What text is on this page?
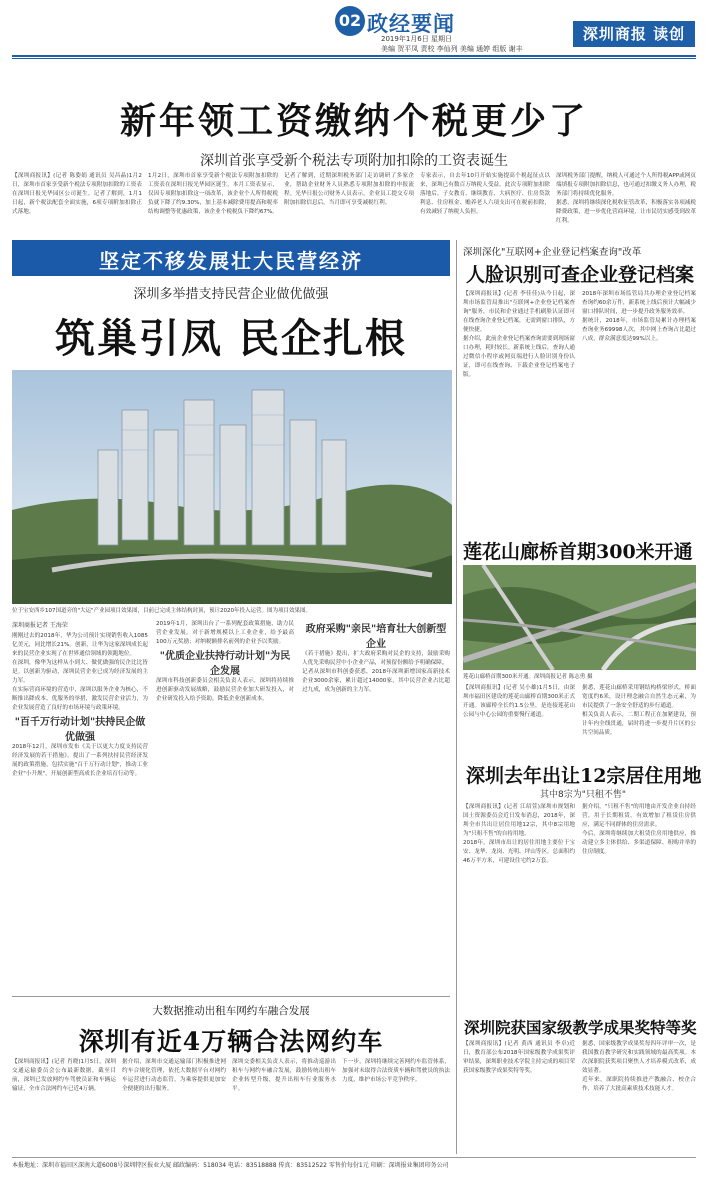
02 政经要闻
2019年1月6日 星期日
美编 贺平凤 责校 李仙列 美编 通婷 组版 谢丰
深圳商报 读创
新年领工资缴纳个税更少了
深圳首张享受新个税法专项附加扣除的工资表诞生
【深圳商报讯】(记者 陈姿娟 通讯员 吴昌晶)1月2日，深圳市首家享受新个税法专项附加扣除的工资表在深圳日报光华园区公司诞生。记者了解到，1月1日起，新个税法配套全面实施，6项专项附加扣除正式落地。
1月2日，深圳市首家享受新个税法专项附加扣除的工资表在深圳日报光华园区诞生，本月工资表显示，仅因专项附加扣除这一项改革，该企业个人所得税税负就下降了约9.30%，加上基本减除费用提高和税率结构调整等优惠政策，该企业个税税负下降约67%。
记者了解到，近期深圳税务部门走访调研了多家企业，帮助企业财务人员熟悉专项附加扣除的申报流程。光华日报公司财务人员表示，企业员工提交专项附加扣除信息后，当月即可享受减税红利。
专家表示，自去年10月开始实施提高个税起征点以来，深圳已有数百万纳税人受益。此次专项附加扣除落地后，子女教育、继续教育、大病医疗、住房贷款利息、住房租金、赡养老人六项支出可在税前扣除，有效减轻了纳税人负担。
深圳税务部门提醒，纳税人可通过个人所得税APP或网页端填报专项附加扣除信息，也可通过扣缴义务人办理，税务部门将持续优化服务。
据悉，深圳将继续深化税收征管改革，积极落实各项减税降费政策，进一步优化营商环境，让市民切实感受到改革红利。
坚定不移发展壮大民营经济
深圳多举措支持民营企业做优做强
筑巢引凤 民企扎根
位于宝安西乡107国道旁的"大运"产业园项目效果图，目前已完成主体结构封顶，预计2020年投入运营。图为项目效果图。
深圳商报记者 王海荣
刚刚过去的2018年，华为公司预计实现销售收入1085亿美元，同比增长21%。创新，让华为这家深圳成长起来的民营企业实现了在世界通信领域的领跑地位。
在深圳，像华为这样从小到大、做优做强的民企比比皆是。以创新为驱动，深圳民营企业已成为经济发展的主力军。
在实际营商环境的营造中，深圳以服务企业为核心，不断推出降成本、优服务的举措，激发民营企业活力，为企业发展营造了良好的市场环境与政策环境。
"百千万行动计划"扶持民企做优做强
2018年12月，深圳市发布《关于以更大力度支持民营经济发展的若干措施》，提出了一系列扶持民营经济发展的政策措施，包括实施"百千万行动计划"，推动工业企业"小升规"，开展创新型高成长企业培育行动等。
2019年1月，深圳出台了一系列配套政策措施，助力民营企业发展。对于新增规模以上工业企业，给予最高100万元奖励；对纳税额排名前列的企业予以奖励。
"优质企业扶持行动计划"为民企发展
深圳市科技创新委员会相关负责人表示，深圳将持续推进创新驱动发展战略，鼓励民营企业加大研发投入，对企业研发投入给予资助，降低企业创新成本。
政府采购"亲民"培育壮大创新型企业
《若干措施》提出，扩大政府采购对民企的支持，鼓励采购人优先采购民营中小企业产品，对预留份额给予明确保障。
记者从深圳市科创委获悉，2018年深圳新增国家高新技术企业3000余家，累计超过14000家，其中民营企业占比超过九成，成为创新的主力军。
大数据推动出租车网约车融合发展
深圳有近4万辆合法网约车
【深圳商报讯】(记者 肖晓)1月5日，深圳交通运输委员会公布最新数据，截至目前，深圳已发放网约车驾驶员证和车辆运输证，全市合法网约车已近4万辆。
据介绍，深圳市交通运输部门积极推进网约车合规化管理，依托大数据平台对网约车运营进行动态监管，为乘客提供更加安全便捷的出行服务。
深圳交委相关负责人表示，将推动巡游出租车与网约车融合发展，鼓励传统出租车企业转型升级，提升出租车行业服务水平。
下一步，深圳将继续完善网约车监管体系，加强对未取得合法资质车辆和驾驶员的执法力度，维护市场公平竞争秩序。
深圳深化"互联网+企业登记档案查询"改革
人脸识别可查企业登记档案
【深圳商报讯】(记者 李佳佳)从今日起，深圳市场监管局推出"互联网+企业登记档案查询"服务，市民和企业通过手机刷脸认证即可在线查询企业登记档案，无需到窗口排队，方便快捷。
据介绍，此前企业登记档案查询需要到现场窗口办理，耗时较长。新系统上线后，查询人通过微信小程序或网页端进行人脸识别身份认证，即可在线查询、下载企业登记档案电子版。
2018年深圳市场监管局共办理企业登记档案查询约60余万件，新系统上线后预计大幅减少窗口排队时间，进一步提升政务服务效率。
据统计，2018年，市场监管局累计办理档案查询业务69998人次，其中网上查询占比超过八成，群众满意度达99%以上。
莲花山廊桥首期300米开通
莲花山廊桥首期300米开通。深圳商报记者 陈志勇 摄
【深圳商报讯】(记者 吴小雄)1月5日，由深圳市福田区建设的莲花山廊桥首期300米正式开通。该廊桥全长约1.5公里，是连接莲花山公园与中心公园的重要慢行通道。
据悉，莲花山廊桥采用钢结构桥梁形式，桥面宽度约6米，设计理念融合自然生态元素，为市民提供了一条安全舒适的步行通道。
相关负责人表示，二期工程正在加紧建设，预计年内全线贯通，届时将进一步提升片区的公共空间品质。
深圳去年出让12宗居住用地
其中8宗为"只租不售"
【深圳商报讯】(记者 江绍萱)深圳市规划和国土资源委员会近日发布消息，2018年，深圳全市共出让居住用地12宗，其中8宗用地为"只租不售"的自持用地。
2018年，深圳市出让的居住用地主要位于宝安、龙华、龙岗、光明、坪山等区，总面积约46万平方米，可建设住宅约2万套。
据介绍，"只租不售"的用地由开发企业自持经营，用于长期租赁，有效增加了租赁住房供应，满足不同群体的住房需求。
今后，深圳将继续加大租赁住房用地供应，推动建立多主体供给、多渠道保障、租购并举的住房制度。
深圳院获国家级教学成果奖特等奖
【深圳商报讯】(记者 黄西 通讯员 李卓)近日，教育部公布2018年国家级教学成果奖评审结果，深圳职业技术学院主持完成的项目荣获国家级教学成果奖特等奖。
据悉，国家级教学成果奖每四年评审一次，是我国教育教学研究和实践领域的最高奖项。本次深职院获奖项目聚焦人才培养模式改革，成效显著。
近年来，深职院持续推进产教融合、校企合作，培养了大批高素质技术技能人才。
本报地址：深圳市福田区深南大道6008号深圳特区报业大厦 邮政编码：518034 电话：83518888 传真：83512522 零售价每份1元 印刷：深圳报业集团印务公司
